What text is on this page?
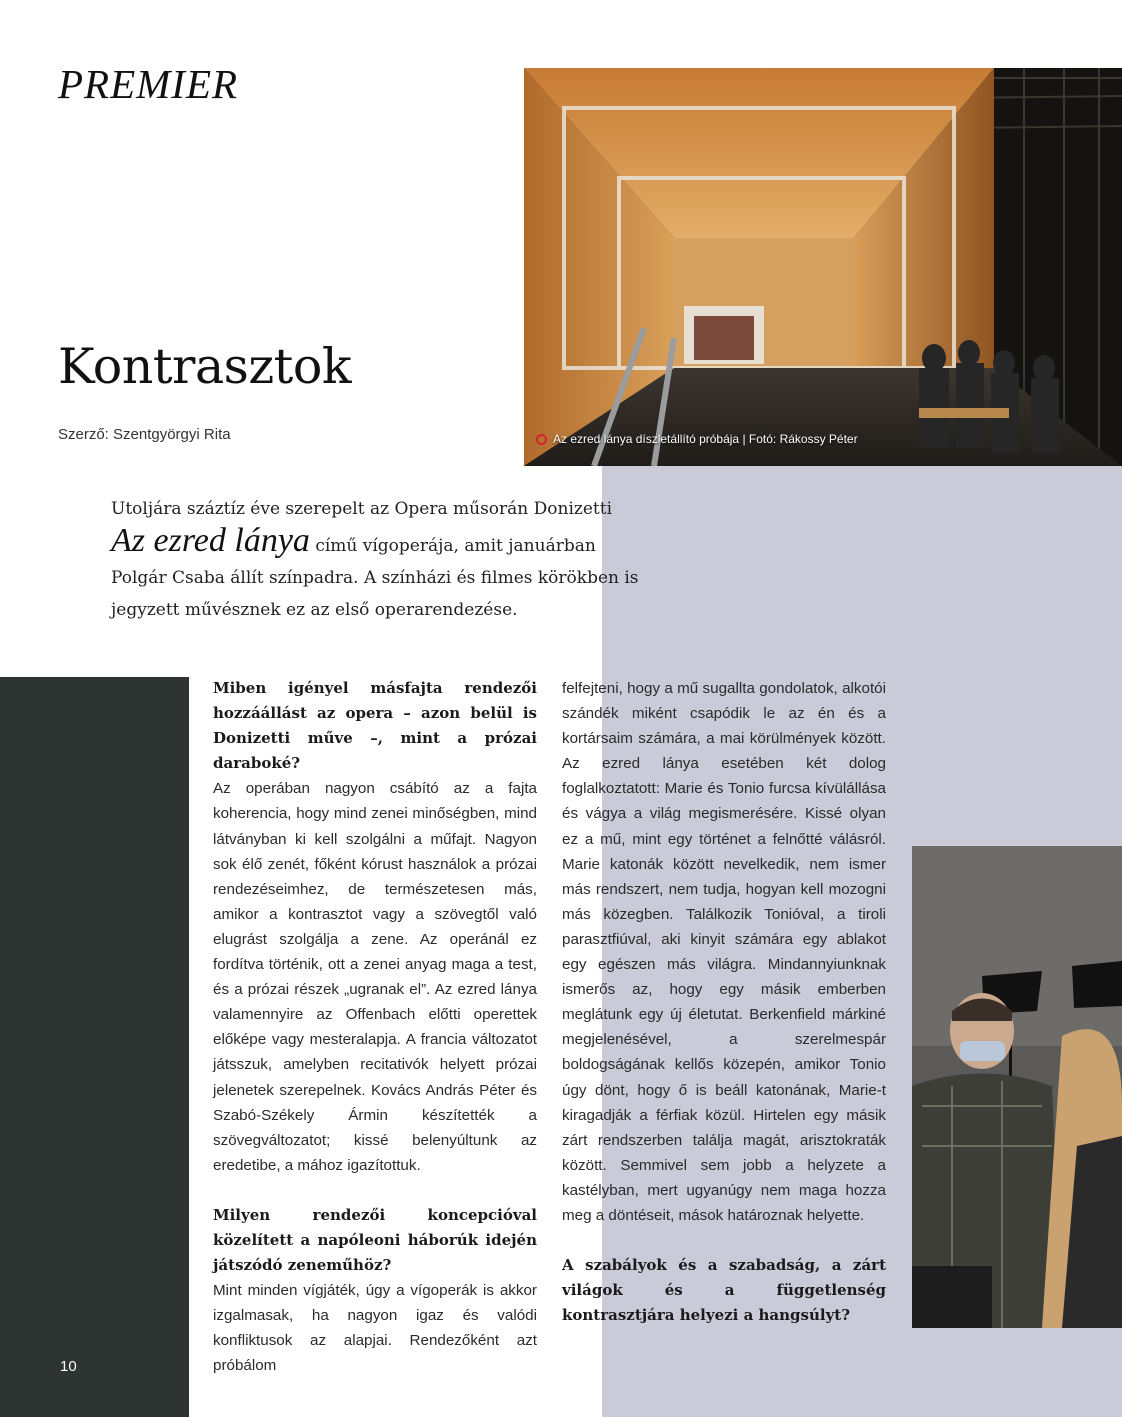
PREMIER
Kontrasztok
Szerző: Szentgyörgyi Rita	Az ezred lánya díszletállító próbája | Fotó: Rákossy Péter
Utoljára száztíz éve szerepelt az Opera műsorán Donizetti
Az ezred lánya című vígoperája, amit januárban
Polgár Csaba állít színpadra. A színházi és filmes körökben is
jegyzett művésznek ez az első operarendezése.

Miben igényel másfajta rendezői hozzáállást az opera – azon belül is Donizetti műve –, mint a prózai daraboké?

Az operában nagyon csábító az a fajta koherencia, hogy mind zenei minőségben, mind látványban ki kell szolgálni a műfajt. Nagyon sok élő zenét, főként kórust használok a prózai rendezéseimhez, de természetesen más, amikor a kontrasztot vagy a szövegtől való elugrást szolgálja a zene. Az operánál ez fordítva történik, ott a zenei anyag maga a test, és a prózai részek „ugranak el”. Az ezred lánya valamennyire az Offenbach előtti operettek előképe vagy mesteralapja. A francia változatot játsszuk, amelyben recitativók helyett prózai jelenetek szerepelnek. Kovács András Péter és Szabó-Székely Ármin készítették a szövegváltozatot; kissé belenyúltunk az eredetibe, a mához igazítottuk.

Milyen rendezői koncepcióval közelített a napóleoni háborúk idején játszódó zeneműhöz?

Mint minden vígjáték, úgy a vígoperák is akkor izgalmasak, ha nagyon igaz és valódi konfliktusok az alapjai. Rendezőként azt próbálom

felfejteni, hogy a mű sugallta gondolatok, alkotói szándék miként csapódik le az én és a kortársaim számára, a mai körülmények között. Az ezred lánya esetében két dolog foglalkoztatott: Marie és Tonio furcsa kívülállása és vágya a világ megismerésére. Kissé olyan ez a mű, mint egy történet a felnőtté válásról. Marie katonák között nevelkedik, nem ismer más rendszert, nem tudja, hogyan kell mozogni más közegben. Találkozik Tonióval, a tiroli parasztfiúval, aki kinyit számára egy ablakot egy egészen más világra. Mindannyiunknak ismerős az, hogy egy másik emberben meglátunk egy új életutat. Berkenfield márkiné megjelenésével, a szerelmespár boldogságának kellős közepén, amikor Tonio úgy dönt, hogy ő is beáll katonának, Marie-t kiragadják a férfiak közül. Hirtelen egy másik zárt rendszerben találja magát, arisztokraták között. Semmivel sem jobb a helyzete a kastélyban, mert ugyanúgy nem maga hozza meg a döntéseit, mások határoznak helyette.

A szabályok és a szabadság, a zárt világok és a függetlenség kontrasztjára helyezi a hangsúlyt?

10
